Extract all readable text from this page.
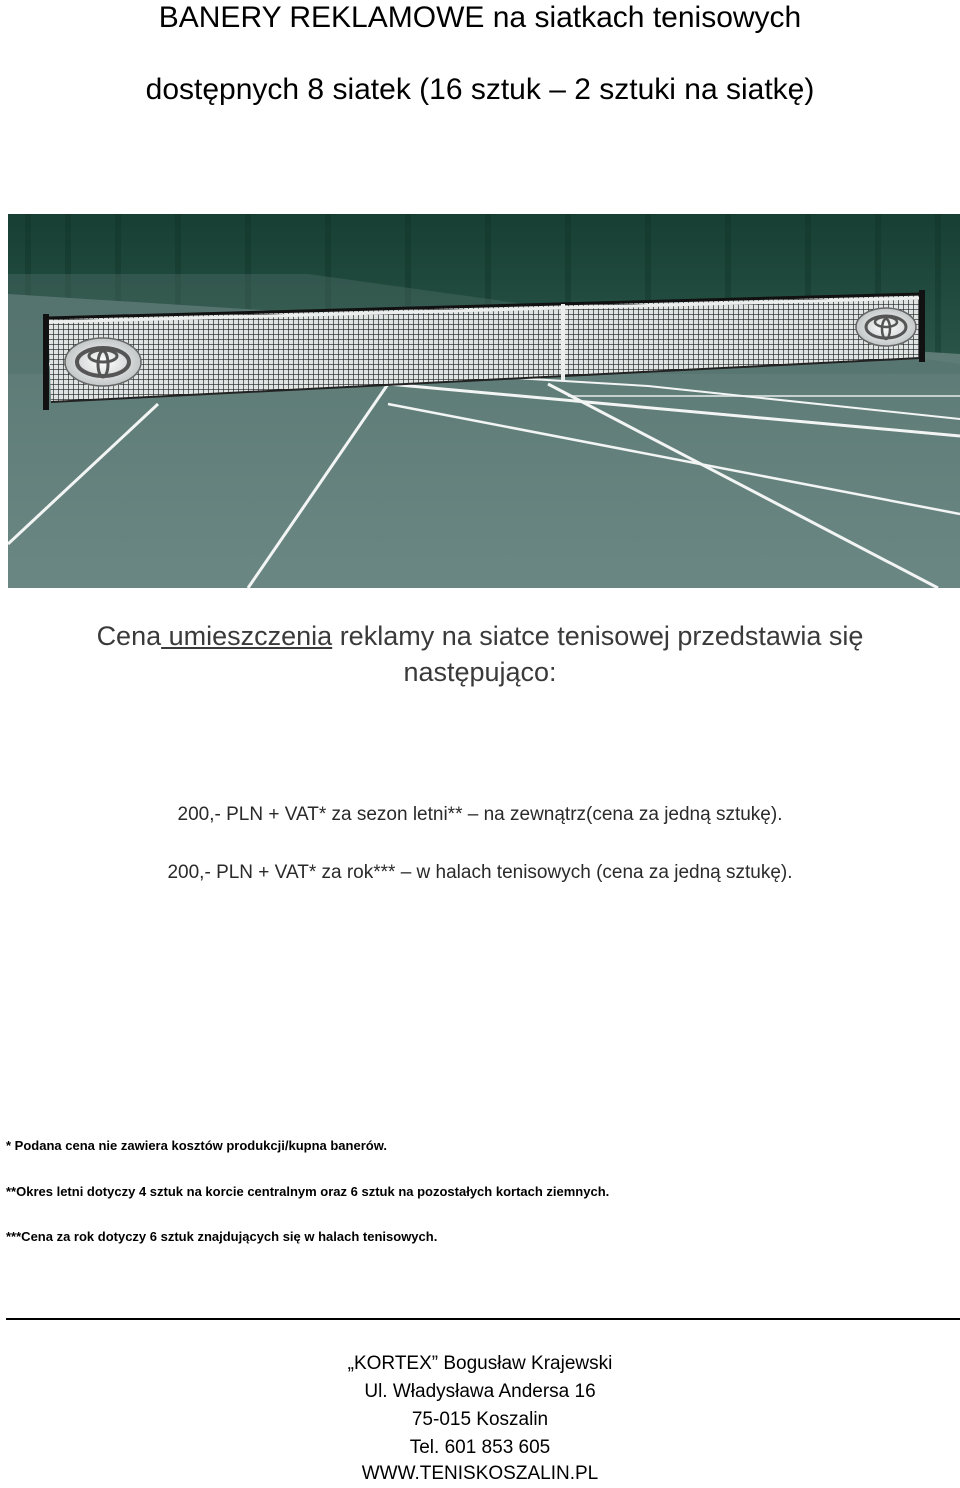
BANERY REKLAMOWE na siatkach tenisowych
dostępnych 8 siatek (16 sztuk – 2 sztuki na siatkę)
Cena umieszczenia reklamy na siatce tenisowej przedstawia się
następująco:
200,- PLN + VAT* za sezon letni** – na zewnątrz(cena za jedną sztukę).
200,- PLN + VAT* za rok*** – w halach tenisowych (cena za jedną sztukę).
* Podana cena nie zawiera kosztów produkcji/kupna banerów.
**Okres letni dotyczy 4 sztuk na korcie centralnym oraz 6 sztuk na pozostałych kortach ziemnych.
***Cena za rok dotyczy 6 sztuk znajdujących się w halach tenisowych.
„KORTEX” Bogusław Krajewski
Ul. Władysława Andersa 16
75-015 Koszalin
Tel. 601 853 605
WWW.TENISKOSZALIN.PL
